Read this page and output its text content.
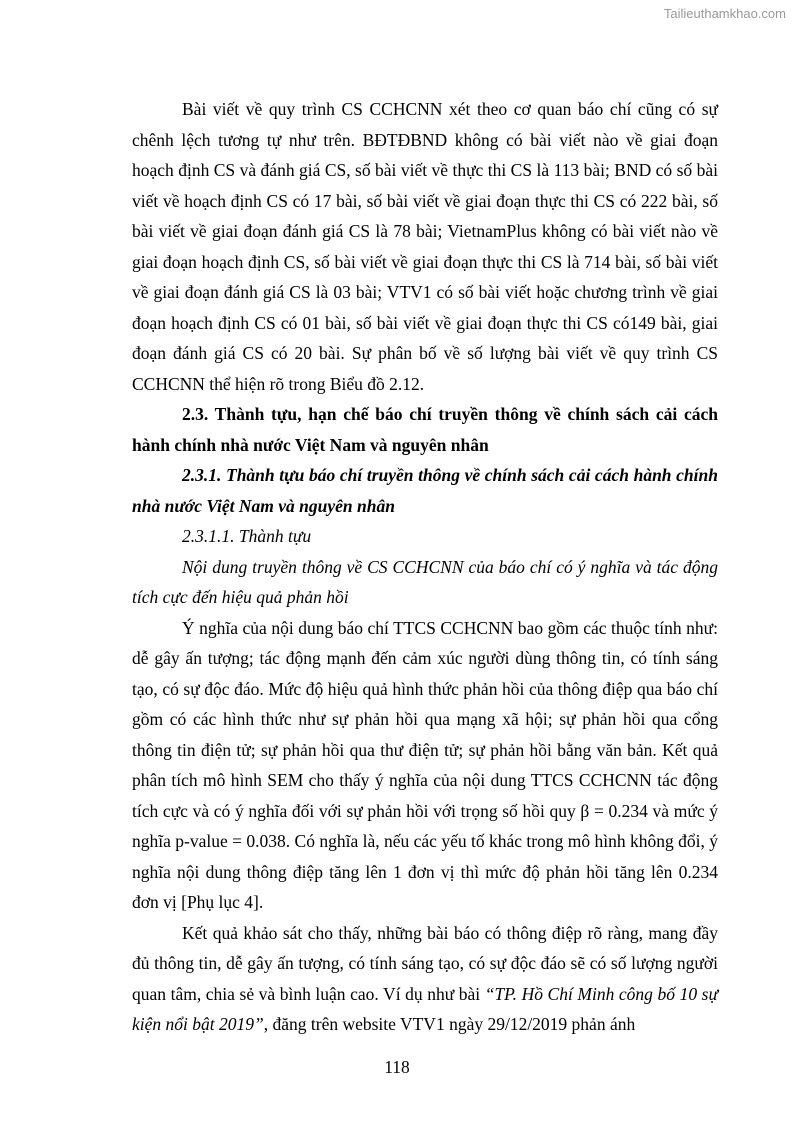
Tailieuthamkhao.com

Bài viết về quy trình CS CCHCNN xét theo cơ quan báo chí cũng có sự chênh lệch tương tự như trên. BĐTĐBND không có bài viết nào về giai đoạn hoạch định CS và đánh giá CS, số bài viết về thực thi CS là 113 bài; BND có số bài viết về hoạch định CS có 17 bài, số bài viết về giai đoạn thực thi CS có 222 bài, số bài viết về giai đoạn đánh giá CS là 78 bài; VietnamPlus không có bài viết nào về giai đoạn hoạch định CS, số bài viết về giai đoạn thực thi CS là 714 bài, số bài viết về giai đoạn đánh giá CS là 03 bài; VTV1 có số bài viết hoặc chương trình về giai đoạn hoạch định CS có 01 bài, số bài viết về giai đoạn thực thi CS có149 bài, giai đoạn đánh giá CS có 20 bài. Sự phân bố về số lượng bài viết về quy trình CS CCHCNN thể hiện rõ trong Biểu đồ 2.12.

2.3. Thành tựu, hạn chế báo chí truyền thông về chính sách cải cách hành chính nhà nước Việt Nam và nguyên nhân

2.3.1. Thành tựu báo chí truyền thông về chính sách cải cách hành chính nhà nước Việt Nam và nguyên nhân

2.3.1.1. Thành tựu

Nội dung truyền thông về CS CCHCNN của báo chí có ý nghĩa và tác động tích cực đến hiệu quả phản hồi

Ý nghĩa của nội dung báo chí TTCS CCHCNN bao gồm các thuộc tính như: dễ gây ấn tượng; tác động mạnh đến cảm xúc người dùng thông tin, có tính sáng tạo, có sự độc đáo. Mức độ hiệu quả hình thức phản hồi của thông điệp qua báo chí gồm có các hình thức như sự phản hồi qua mạng xã hội; sự phản hồi qua cổng thông tin điện tử; sự phản hồi qua thư điện tử; sự phản hồi bằng văn bản. Kết quả phân tích mô hình SEM cho thấy ý nghĩa của nội dung TTCS CCHCNN tác động tích cực và có ý nghĩa đối với sự phản hồi với trọng số hồi quy β = 0.234 và mức ý nghĩa p-value = 0.038. Có nghĩa là, nếu các yếu tố khác trong mô hình không đổi, ý nghĩa nội dung thông điệp tăng lên 1 đơn vị thì mức độ phản hồi tăng lên 0.234 đơn vị [Phụ lục 4].

Kết quả khảo sát cho thấy, những bài báo có thông điệp rõ ràng, mang đầy đủ thông tin, dễ gây ấn tượng, có tính sáng tạo, có sự độc đáo sẽ có số lượng người quan tâm, chia sẻ và bình luận cao. Ví dụ như bài “TP. Hồ Chí Minh công bố 10 sự kiện nổi bật 2019”, đăng trên website VTV1 ngày 29/12/2019 phản ánh

118
